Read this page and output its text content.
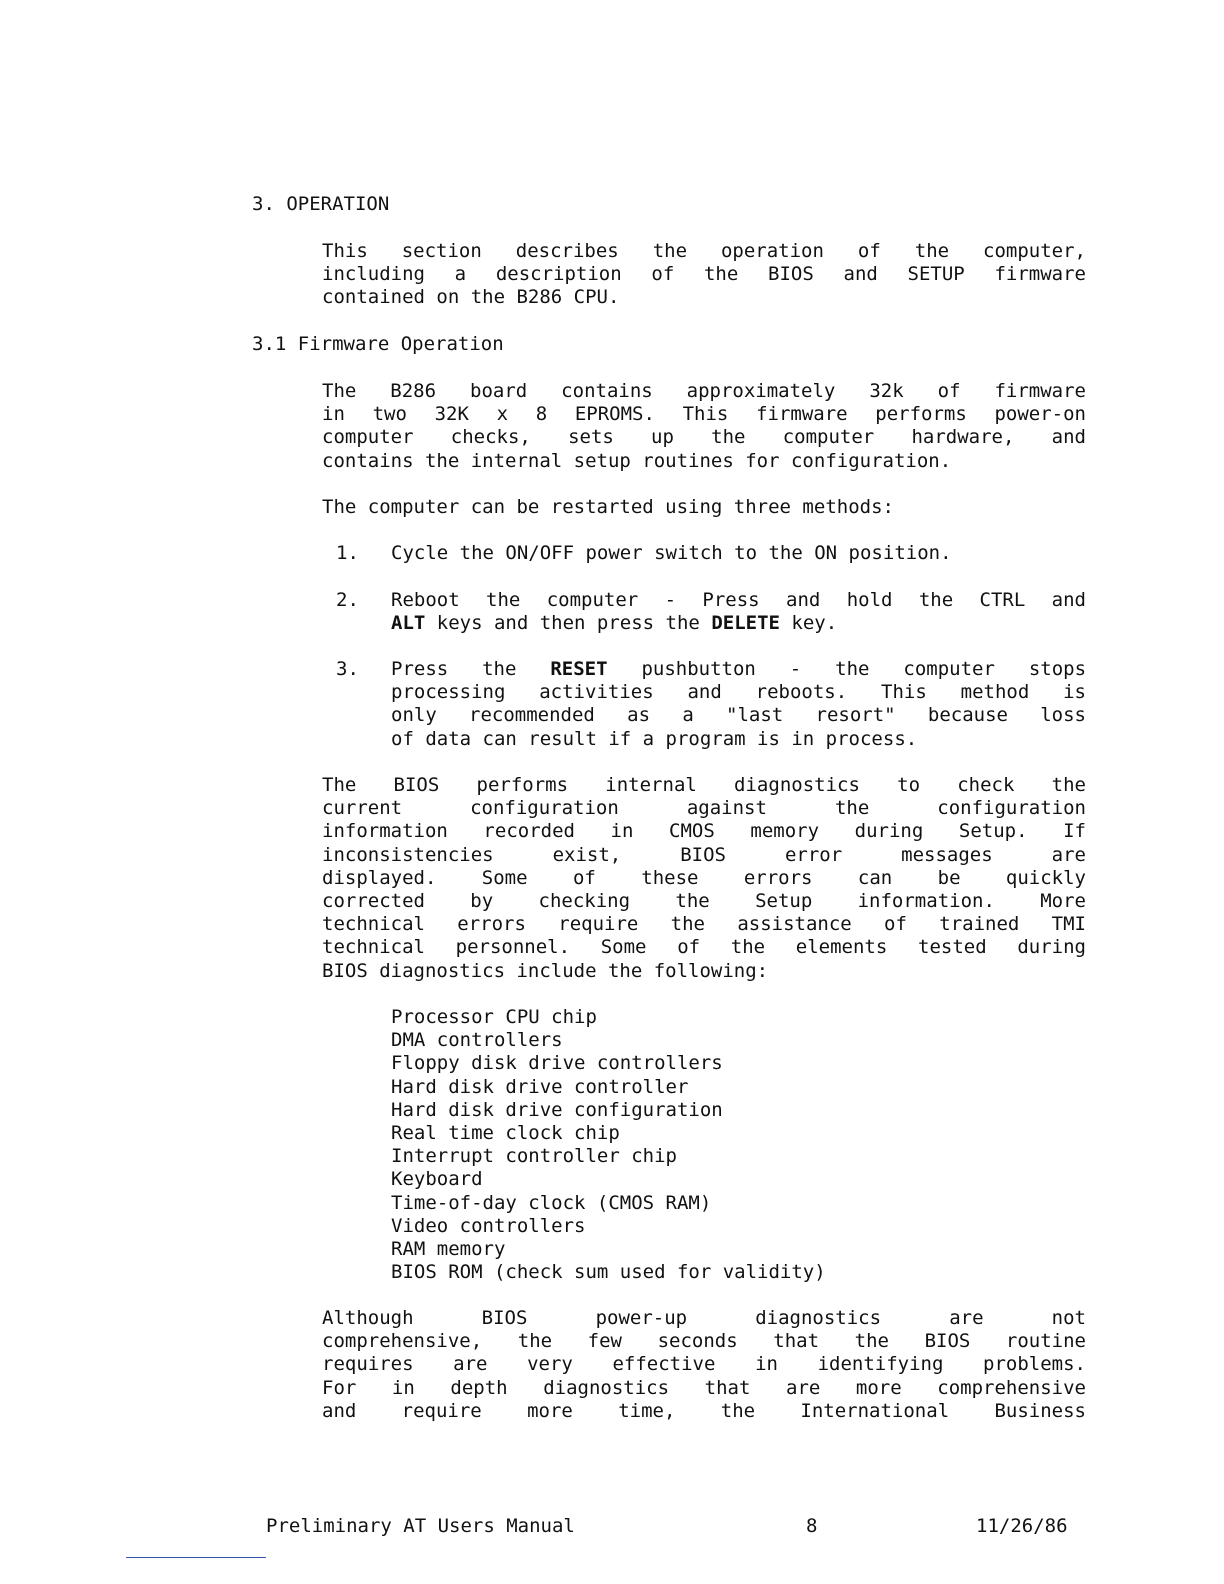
3. OPERATION
This section describes the operation of the computer,
including a description of the BIOS and SETUP firmware
contained on the B286 CPU.
3.1 Firmware Operation
The B286 board contains approximately 32k of firmware
in two 32K x 8 EPROMS. This firmware performs power-on
computer checks, sets up the computer hardware, and
contains the internal setup routines for configuration.
The computer can be restarted using three methods:
1. Cycle the ON/OFF power switch to the ON position.
2. Reboot the computer - Press and hold the CTRL and
ALT keys and then press the DELETE key.
3. Press the RESET pushbutton - the computer stops
processing activities and reboots. This method is
only recommended as a "last resort" because loss
of data can result if a program is in process.
The BIOS performs internal diagnostics to check the
current configuration against the configuration
information recorded in CMOS memory during Setup. If
inconsistencies exist, BIOS error messages are
displayed. Some of these errors can be quickly
corrected by checking the Setup information. More
technical errors require the assistance of trained TMI
technical personnel. Some of the elements tested during
BIOS diagnostics include the following:
Processor CPU chip
DMA controllers
Floppy disk drive controllers
Hard disk drive controller
Hard disk drive configuration
Real time clock chip
Interrupt controller chip
Keyboard
Time-of-day clock (CMOS RAM)
Video controllers
RAM memory
BIOS ROM (check sum used for validity)
Although BIOS power-up diagnostics are not
comprehensive, the few seconds that the BIOS routine
requires are very effective in identifying problems.
For in depth diagnostics that are more comprehensive
and require more time, the International Business
Preliminary AT Users Manual	8	11/26/86
